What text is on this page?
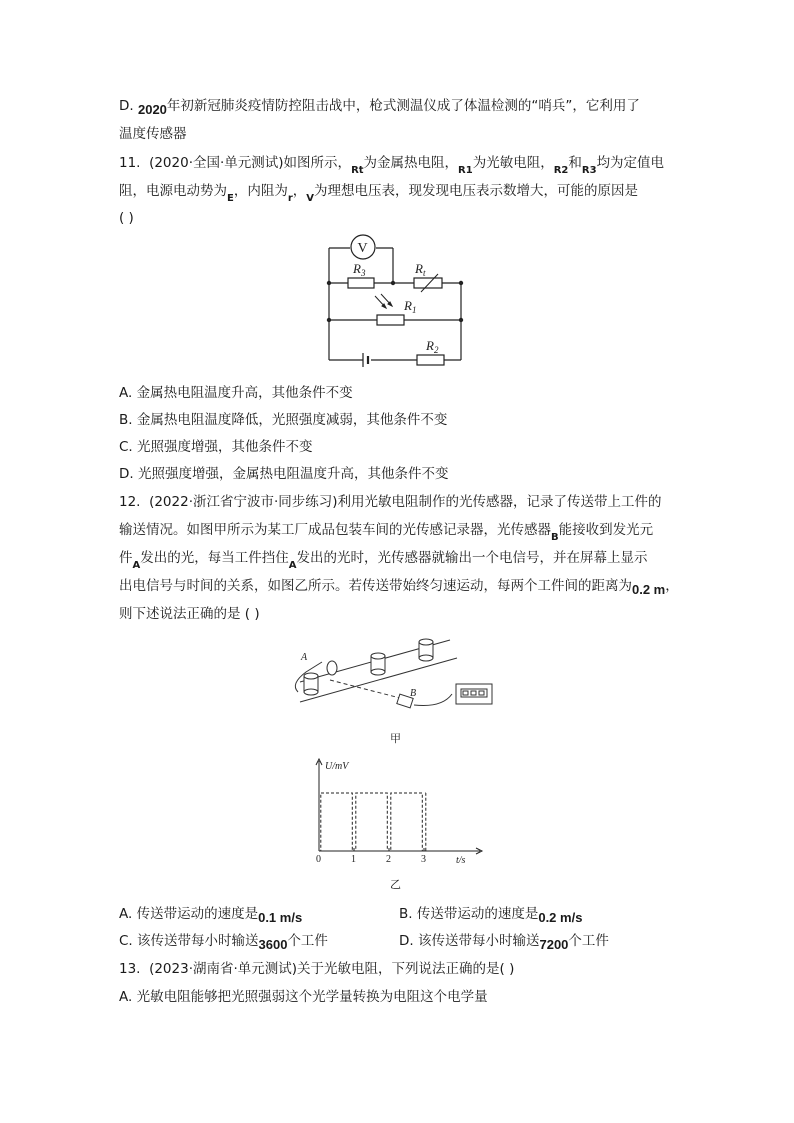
D. 2020年初新冠肺炎疫情防控阻击战中，枪式测温仪成了体温检测的“哨兵”，它利用了
温度传感器
11. (2020·全国·单元测试)如图所示，$_{Rt}$为金属热电阻，$_{R1}$为光敏电阻，$_{R2}$和$_{R3}$均为定值电
阻，电源电动势为$_E$，内阻为$_r$，$_V$为理想电压表，现发现电压表示数增大，可能的原因是
( )
V
$R_3$	$R_t$
$R_1$
$R_2$
A. 金属热电阻温度升高，其他条件不变
B. 金属热电阻温度降低，光照强度减弱，其他条件不变
C. 光照强度增强，其他条件不变
D. 光照强度增强，金属热电阻温度升高，其他条件不变
12. (2022·浙江省宁波市·同步练习)利用光敏电阻制作的光传感器，记录了传送带上工件的
输送情况。如图甲所示为某工厂成品包装车间的光传感记录器，光传感器$_B$能接收到发光元
件$_A$发出的光，每当工件挡住$_A$发出的光时，光传感器就输出一个电信号，并在屏幕上显示
出电信号与时间的关系，如图乙所示。若传送带始终匀速运动，每两个工件间的距离为0.2 m，
则下述说法正确的是 ( )
A
B
甲
U/mV
t/s
0	1	2	3
乙
A. 传送带运动的速度是0.1 m/s	B. 传送带运动的速度是0.2 m/s
C. 该传送带每小时输送3600个工件	D. 该传送带每小时输送7200个工件
13. (2023·湖南省·单元测试)关于光敏电阻，下列说法正确的是( )
A. 光敏电阻能够把光照强弱这个光学量转换为电阻这个电学量
